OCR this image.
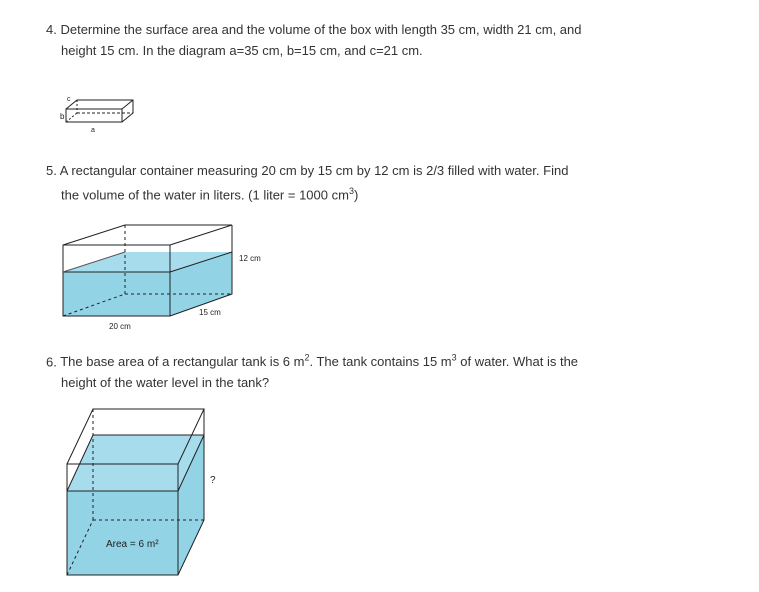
4. Determine the surface area and the volume of the box with length 35 cm, width 21 cm, and
height 15 cm. In the diagram a=35 cm, b=15 cm, and c=21 cm.
c
b
a
5. A rectangular container measuring 20 cm by 15 cm by 12 cm is 2/3 filled with water. Find
the volume of the water in liters. (1 liter = 1000 $cm^3$)
12 cm
15 cm
20 cm
6. The base area of a rectangular tank is 6 $m^2$. The tank contains 15 $m^3$ of water. What is the
height of the water level in the tank?
?
Area = 6 m²
